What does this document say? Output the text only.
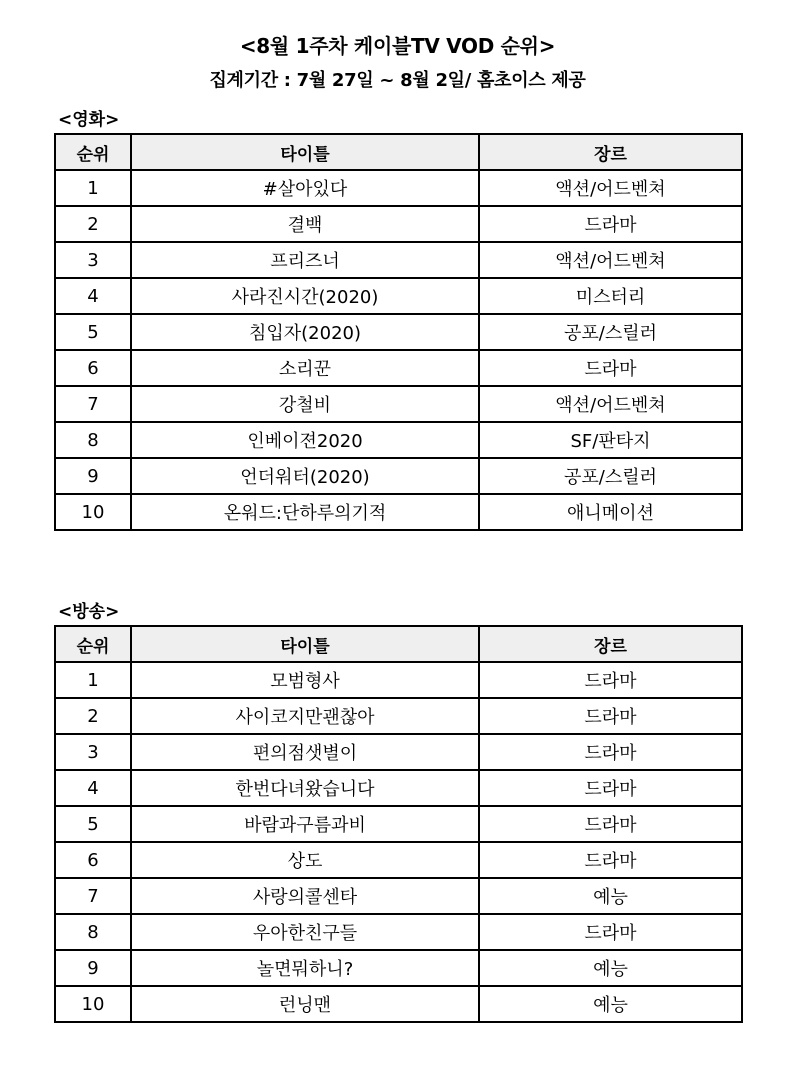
<8월 1주차 케이블TV VOD 순위>
집계기간 : 7월 27일 ~ 8월 2일/ 홈초이스 제공
<영화>
순위	타이틀	장르
1	#살아있다	액션/어드벤쳐
2	결백	드라마
3	프리즈너	액션/어드벤쳐
4	사라진시간(2020)	미스터리
5	침입자(2020)	공포/스릴러
6	소리꾼	드라마
7	강철비	액션/어드벤쳐
8	인베이젼2020	SF/판타지
9	언더워터(2020)	공포/스릴러
10	온워드:단하루의기적	애니메이션
<방송>
순위	타이틀	장르
1	모범형사	드라마
2	사이코지만괜찮아	드라마
3	편의점샛별이	드라마
4	한번다녀왔습니다	드라마
5	바람과구름과비	드라마
6	상도	드라마
7	사랑의콜센타	예능
8	우아한친구들	드라마
9	놀면뭐하니?	예능
10	런닝맨	예능
